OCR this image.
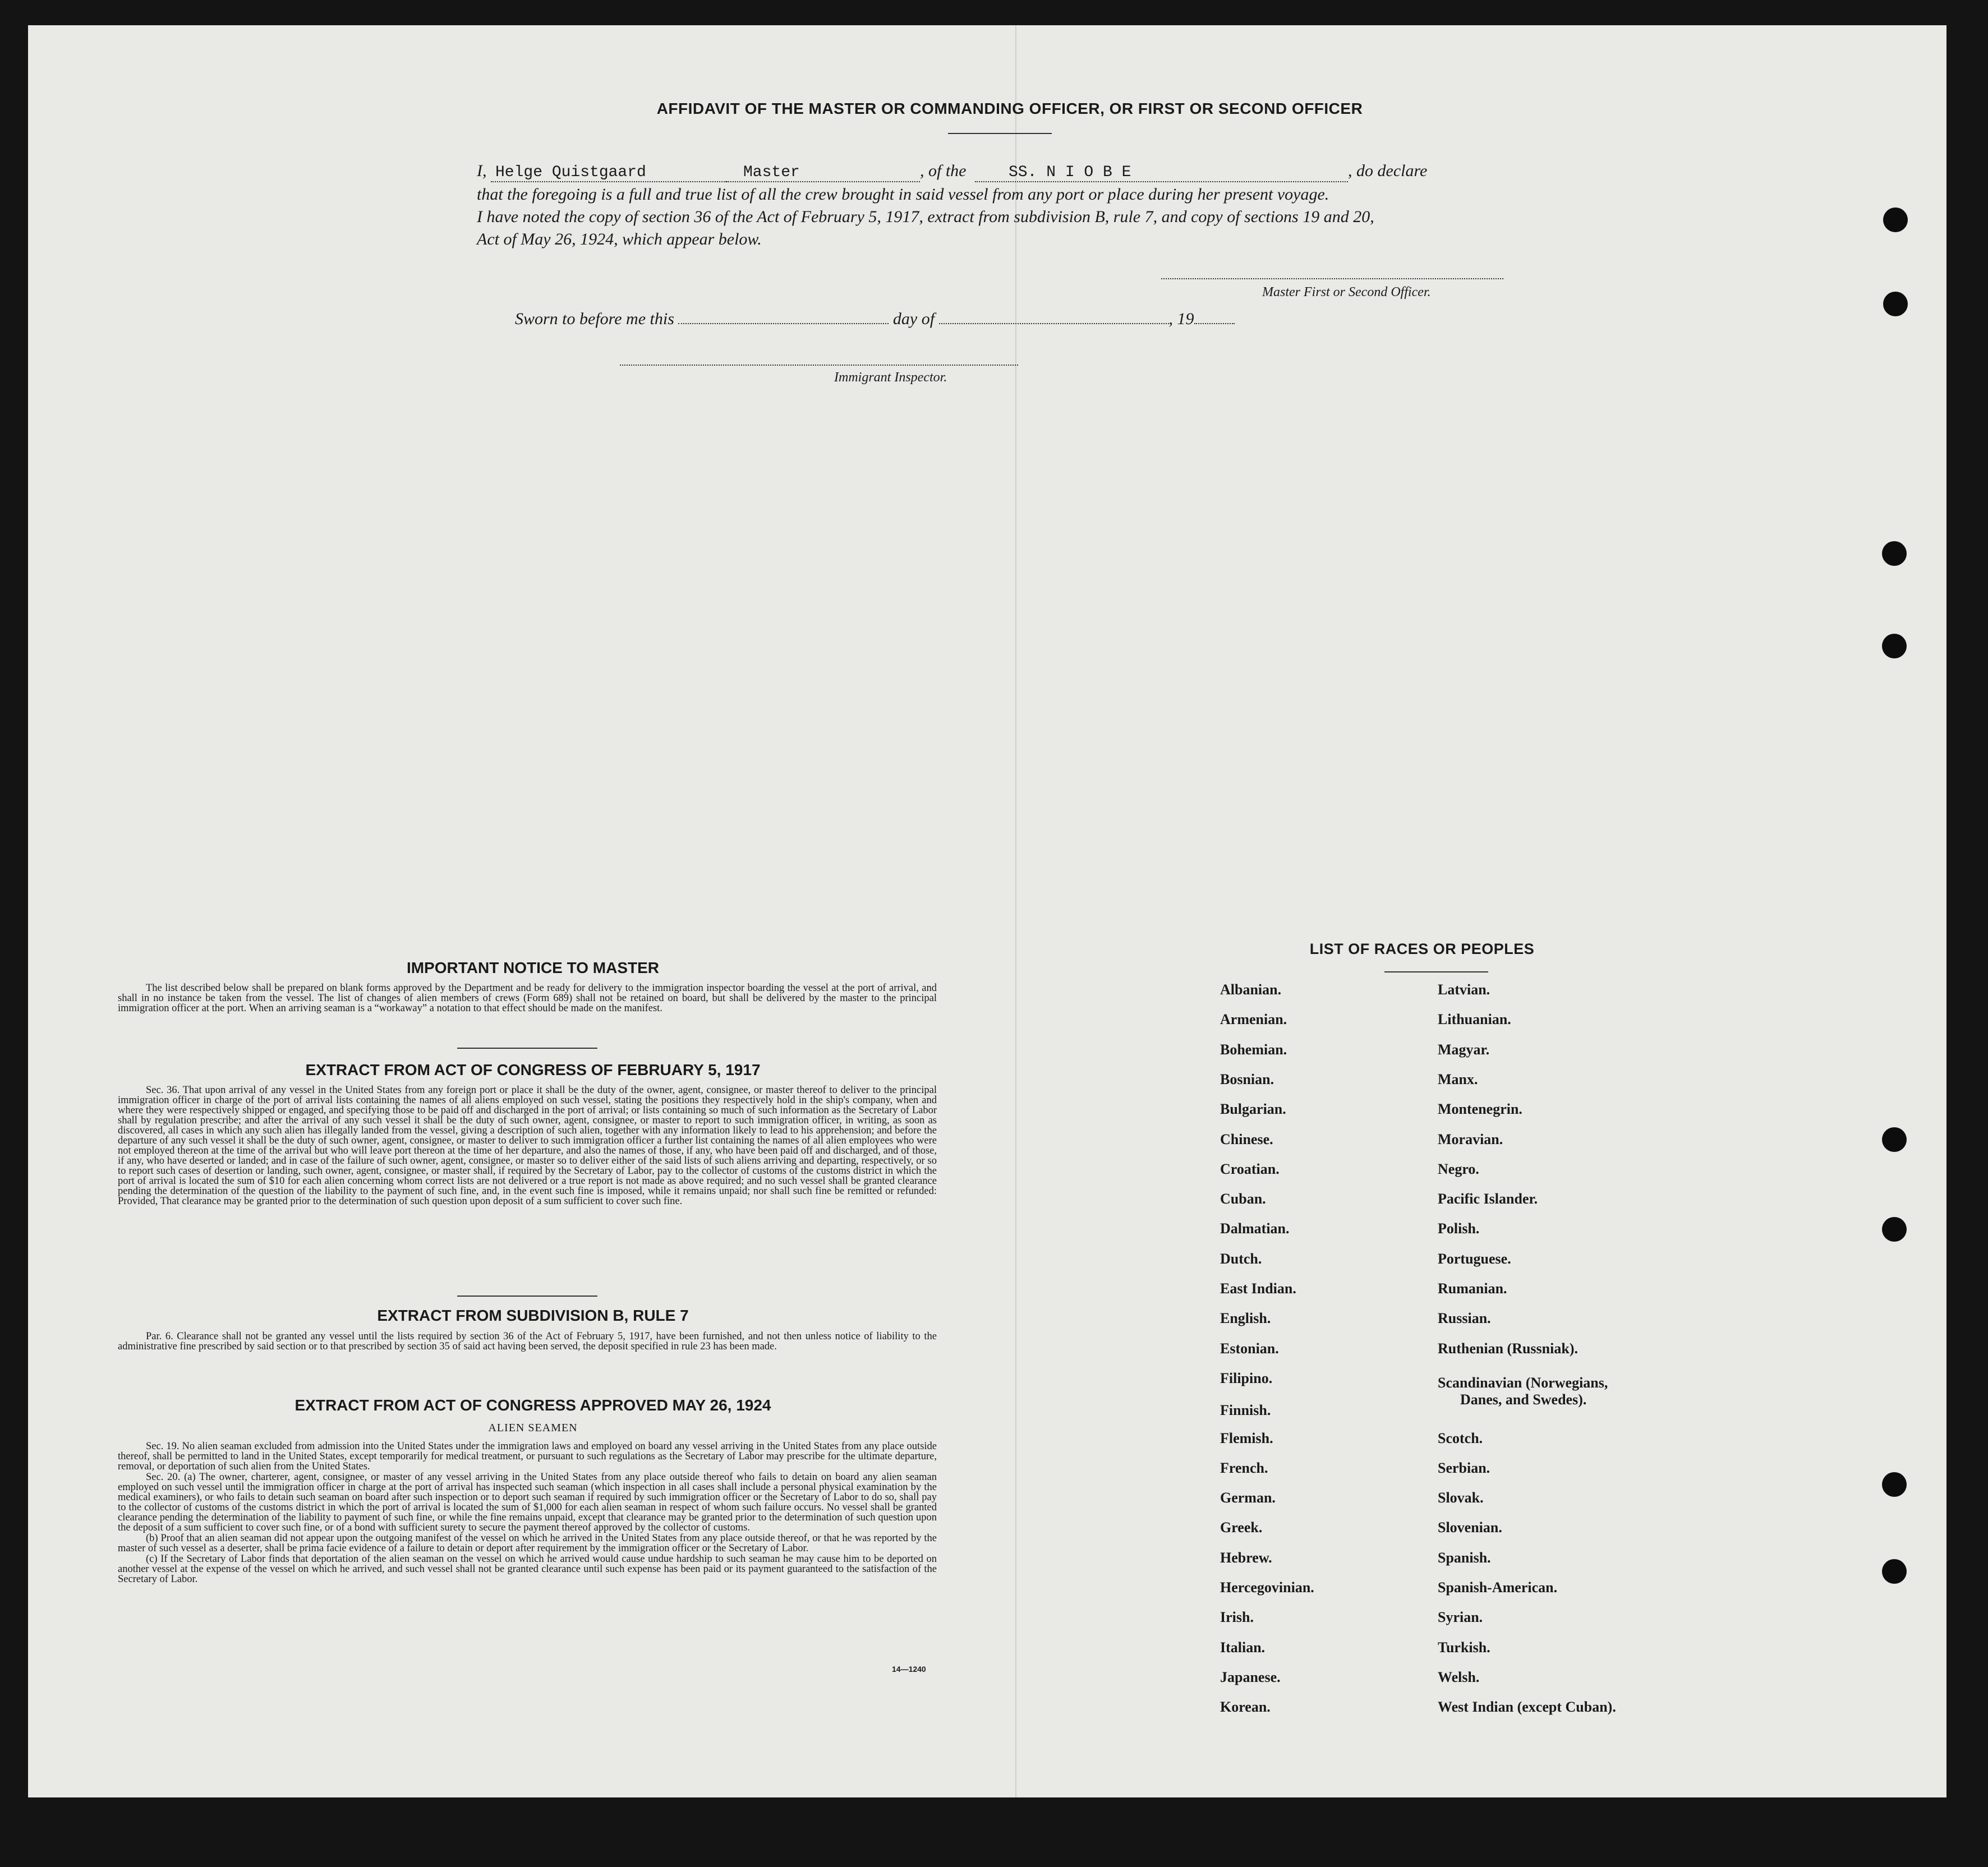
AFFIDAVIT OF THE MASTER OR COMMANDING OFFICER, OR FIRST OR SECOND OFFICER
I, Helge Quistgaard	Master	, of the	SS. N I O B E	, do declare
that the foregoing is a full and true list of all the crew brought in said vessel from any port or place during her present voyage.
I have noted the copy of section 36 of the Act of February 5, 1917, extract from subdivision B, rule 7, and copy of sections 19 and 20,
Act of May 26, 1924, which appear below.
Master First or Second Officer.
Sworn to before me this	day of	, 19
Immigrant Inspector.
IMPORTANT NOTICE TO MASTER

The list described below shall be prepared on blank forms approved by the Department and be ready for delivery to the immigration inspector boarding the vessel at the port of arrival, and shall in no instance be taken from the vessel. The list of changes of alien members of crews (Form 689) shall not be retained on board, but shall be delivered by the master to the principal immigration officer at the port. When an arriving seaman is a “workaway” a notation to that effect should be made on the manifest.

EXTRACT FROM ACT OF CONGRESS OF FEBRUARY 5, 1917

Sec. 36. That upon arrival of any vessel in the United States from any foreign port or place it shall be the duty of the owner, agent, consignee, or master thereof to deliver to the principal immigration officer in charge of the port of arrival lists containing the names of all aliens employed on such vessel, stating the positions they respectively hold in the ship's company, when and where they were respectively shipped or engaged, and specifying those to be paid off and discharged in the port of arrival; or lists containing so much of such information as the Secretary of Labor shall by regulation prescribe; and after the arrival of any such vessel it shall be the duty of such owner, agent, consignee, or master to report to such immigration officer, in writing, as soon as discovered, all cases in which any such alien has illegally landed from the vessel, giving a description of such alien, together with any information likely to lead to his apprehension; and before the departure of any such vessel it shall be the duty of such owner, agent, consignee, or master to deliver to such immigration officer a further list containing the names of all alien employees who were not employed thereon at the time of the arrival but who will leave port thereon at the time of her departure, and also the names of those, if any, who have been paid off and discharged, and of those, if any, who have deserted or landed; and in case of the failure of such owner, agent, consignee, or master so to deliver either of the said lists of such aliens arriving and departing, respectively, or so to report such cases of desertion or landing, such owner, agent, consignee, or master shall, if required by the Secretary of Labor, pay to the collector of customs of the customs district in which the port of arrival is located the sum of $10 for each alien concerning whom correct lists are not delivered or a true report is not made as above required; and no such vessel shall be granted clearance pending the determination of the question of the liability to the payment of such fine, and, in the event such fine is imposed, while it remains unpaid; nor shall such fine be remitted or refunded: Provided, That clearance may be granted prior to the determination of such question upon deposit of a sum sufficient to cover such fine.

EXTRACT FROM SUBDIVISION B, RULE 7

Par. 6. Clearance shall not be granted any vessel until the lists required by section 36 of the Act of February 5, 1917, have been furnished, and not then unless notice of liability to the administrative fine prescribed by said section or to that prescribed by section 35 of said act having been served, the deposit specified in rule 23 has been made.

EXTRACT FROM ACT OF CONGRESS APPROVED MAY 26, 1924
ALIEN SEAMEN

Sec. 19. No alien seaman excluded from admission into the United States under the immigration laws and employed on board any vessel arriving in the United States from any place outside thereof, shall be permitted to land in the United States, except temporarily for medical treatment, or pursuant to such regulations as the Secretary of Labor may prescribe for the ultimate departure, removal, or deportation of such alien from the United States.

Sec. 20. (a) The owner, charterer, agent, consignee, or master of any vessel arriving in the United States from any place outside thereof who fails to detain on board any alien seaman employed on such vessel until the immigration officer in charge at the port of arrival has inspected such seaman (which inspection in all cases shall include a personal physical examination by the medical examiners), or who fails to detain such seaman on board after such inspection or to deport such seaman if required by such immigration officer or the Secretary of Labor to do so, shall pay to the collector of customs of the customs district in which the port of arrival is located the sum of $1,000 for each alien seaman in respect of whom such failure occurs. No vessel shall be granted clearance pending the determination of the liability to payment of such fine, or while the fine remains unpaid, except that clearance may be granted prior to the determination of such question upon the deposit of a sum sufficient to cover such fine, or of a bond with sufficient surety to secure the payment thereof approved by the collector of customs.

(b) Proof that an alien seaman did not appear upon the outgoing manifest of the vessel on which he arrived in the United States from any place outside thereof, or that he was reported by the master of such vessel as a deserter, shall be prima facie evidence of a failure to detain or deport after requirement by the immigration officer or the Secretary of Labor.

(c) If the Secretary of Labor finds that deportation of the alien seaman on the vessel on which he arrived would cause undue hardship to such seaman he may cause him to be deported on another vessel at the expense of the vessel on which he arrived, and such vessel shall not be granted clearance until such expense has been paid or its payment guaranteed to the satisfaction of the Secretary of Labor.

14—1240
LIST OF RACES OR PEOPLES
Albanian.	Latvian.
Armenian.	Lithuanian.
Bohemian.	Magyar.
Bosnian.	Manx.
Bulgarian.	Montenegrin.
Chinese.	Moravian.
Croatian.	Negro.
Cuban.	Pacific Islander.
Dalmatian.	Polish.
Dutch.	Portuguese.
East Indian.	Rumanian.
English.	Russian.
Estonian.	Ruthenian (Russniak).
Filipino.	Scandinavian (Norwegians,
Danes, and Swedes).
Finnish.
Flemish.	Scotch.
French.	Serbian.
German.	Slovak.
Greek.	Slovenian.
Hebrew.	Spanish.
Hercegovinian.	Spanish-American.
Irish.	Syrian.
Italian.	Turkish.
Japanese.	Welsh.
Korean.	West Indian (except Cuban).
